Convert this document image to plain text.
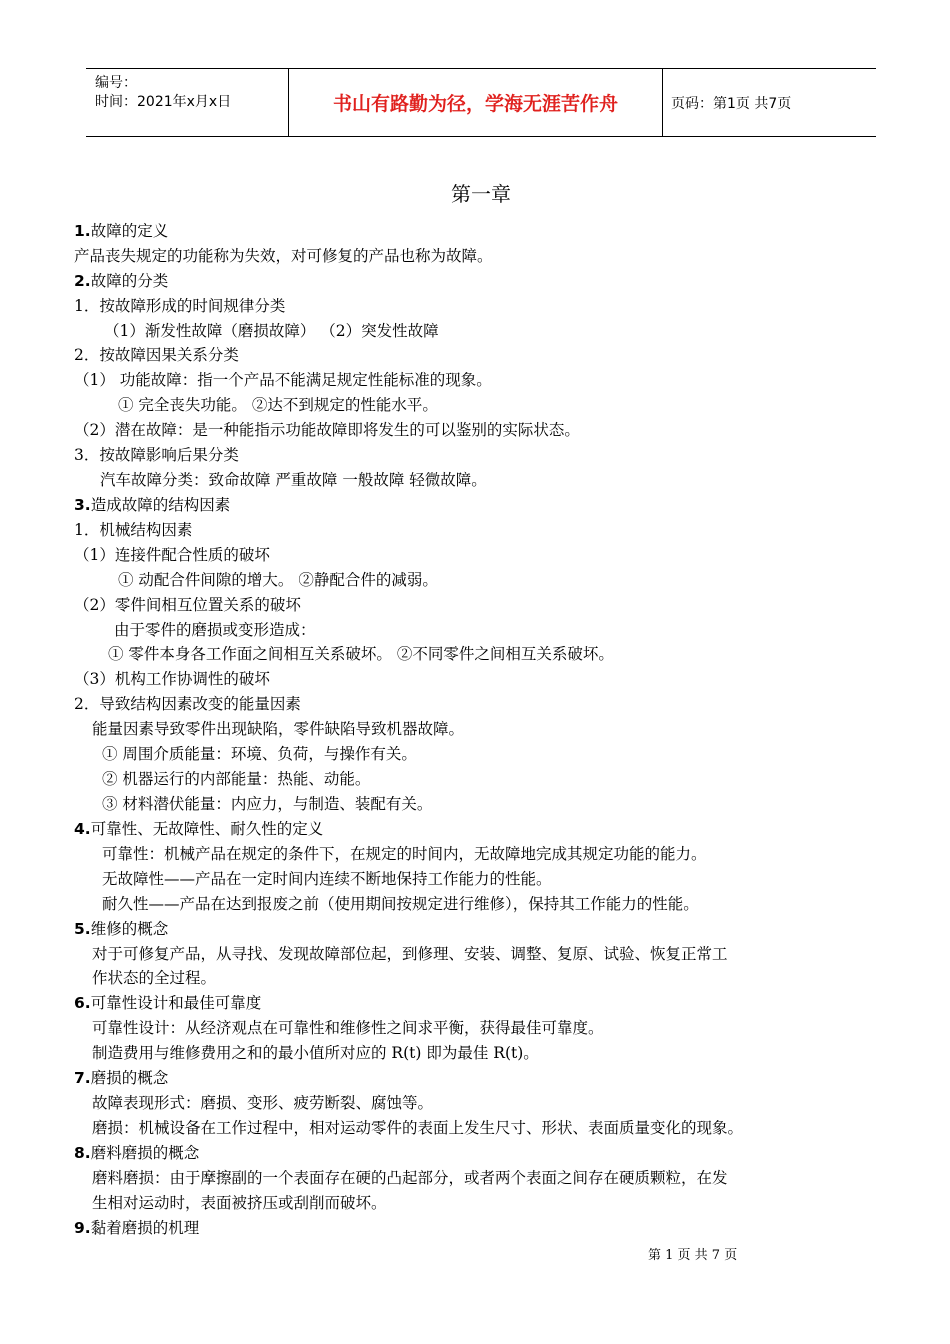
编号：
时间：2021年x月x日	书山有路勤为径，学海无涯苦作舟	页码：第1页 共7页
第一章
1.故障的定义
产品丧失规定的功能称为失效，对可修复的产品也称为故障。
2.故障的分类
1．按故障形成的时间规律分类
（1）渐发性故障（磨损故障） （2）突发性故障
2．按故障因果关系分类
（1） 功能故障：指一个产品不能满足规定性能标准的现象。
① 完全丧失功能。 ②达不到规定的性能水平。
（2）潜在故障：是一种能指示功能故障即将发生的可以鉴别的实际状态。
3．按故障影响后果分类
汽车故障分类：致命故障 严重故障 一般故障 轻微故障。
3.造成故障的结构因素
1．机械结构因素
（1）连接件配合性质的破坏
① 动配合件间隙的增大。 ②静配合件的减弱。
（2）零件间相互位置关系的破坏
由于零件的磨损或变形造成：
① 零件本身各工作面之间相互关系破坏。 ②不同零件之间相互关系破坏。
（3）机构工作协调性的破坏
2．导致结构因素改变的能量因素
能量因素导致零件出现缺陷，零件缺陷导致机器故障。
① 周围介质能量：环境、负荷，与操作有关。
② 机器运行的内部能量：热能、动能。
③ 材料潜伏能量：内应力，与制造、装配有关。
4.可靠性、无故障性、耐久性的定义
可靠性：机械产品在规定的条件下，在规定的时间内，无故障地完成其规定功能的能力。
无故障性——产品在一定时间内连续不断地保持工作能力的性能。
耐久性——产品在达到报废之前（使用期间按规定进行维修），保持其工作能力的性能。
5.维修的概念
对于可修复产品，从寻找、发现故障部位起，到修理、安装、调整、复原、试验、恢复正常工
作状态的全过程。
6.可靠性设计和最佳可靠度
可靠性设计：从经济观点在可靠性和维修性之间求平衡，获得最佳可靠度。
制造费用与维修费用之和的最小值所对应的 R(t) 即为最佳 R(t)。
7.磨损的概念
故障表现形式：磨损、变形、疲劳断裂、腐蚀等。
磨损：机械设备在工作过程中，相对运动零件的表面上发生尺寸、形状、表面质量变化的现象。
8.磨料磨损的概念
磨料磨损：由于摩擦副的一个表面存在硬的凸起部分，或者两个表面之间存在硬质颗粒，在发
生相对运动时，表面被挤压或刮削而破坏。
9.黏着磨损的机理
第 1 页 共 7 页
